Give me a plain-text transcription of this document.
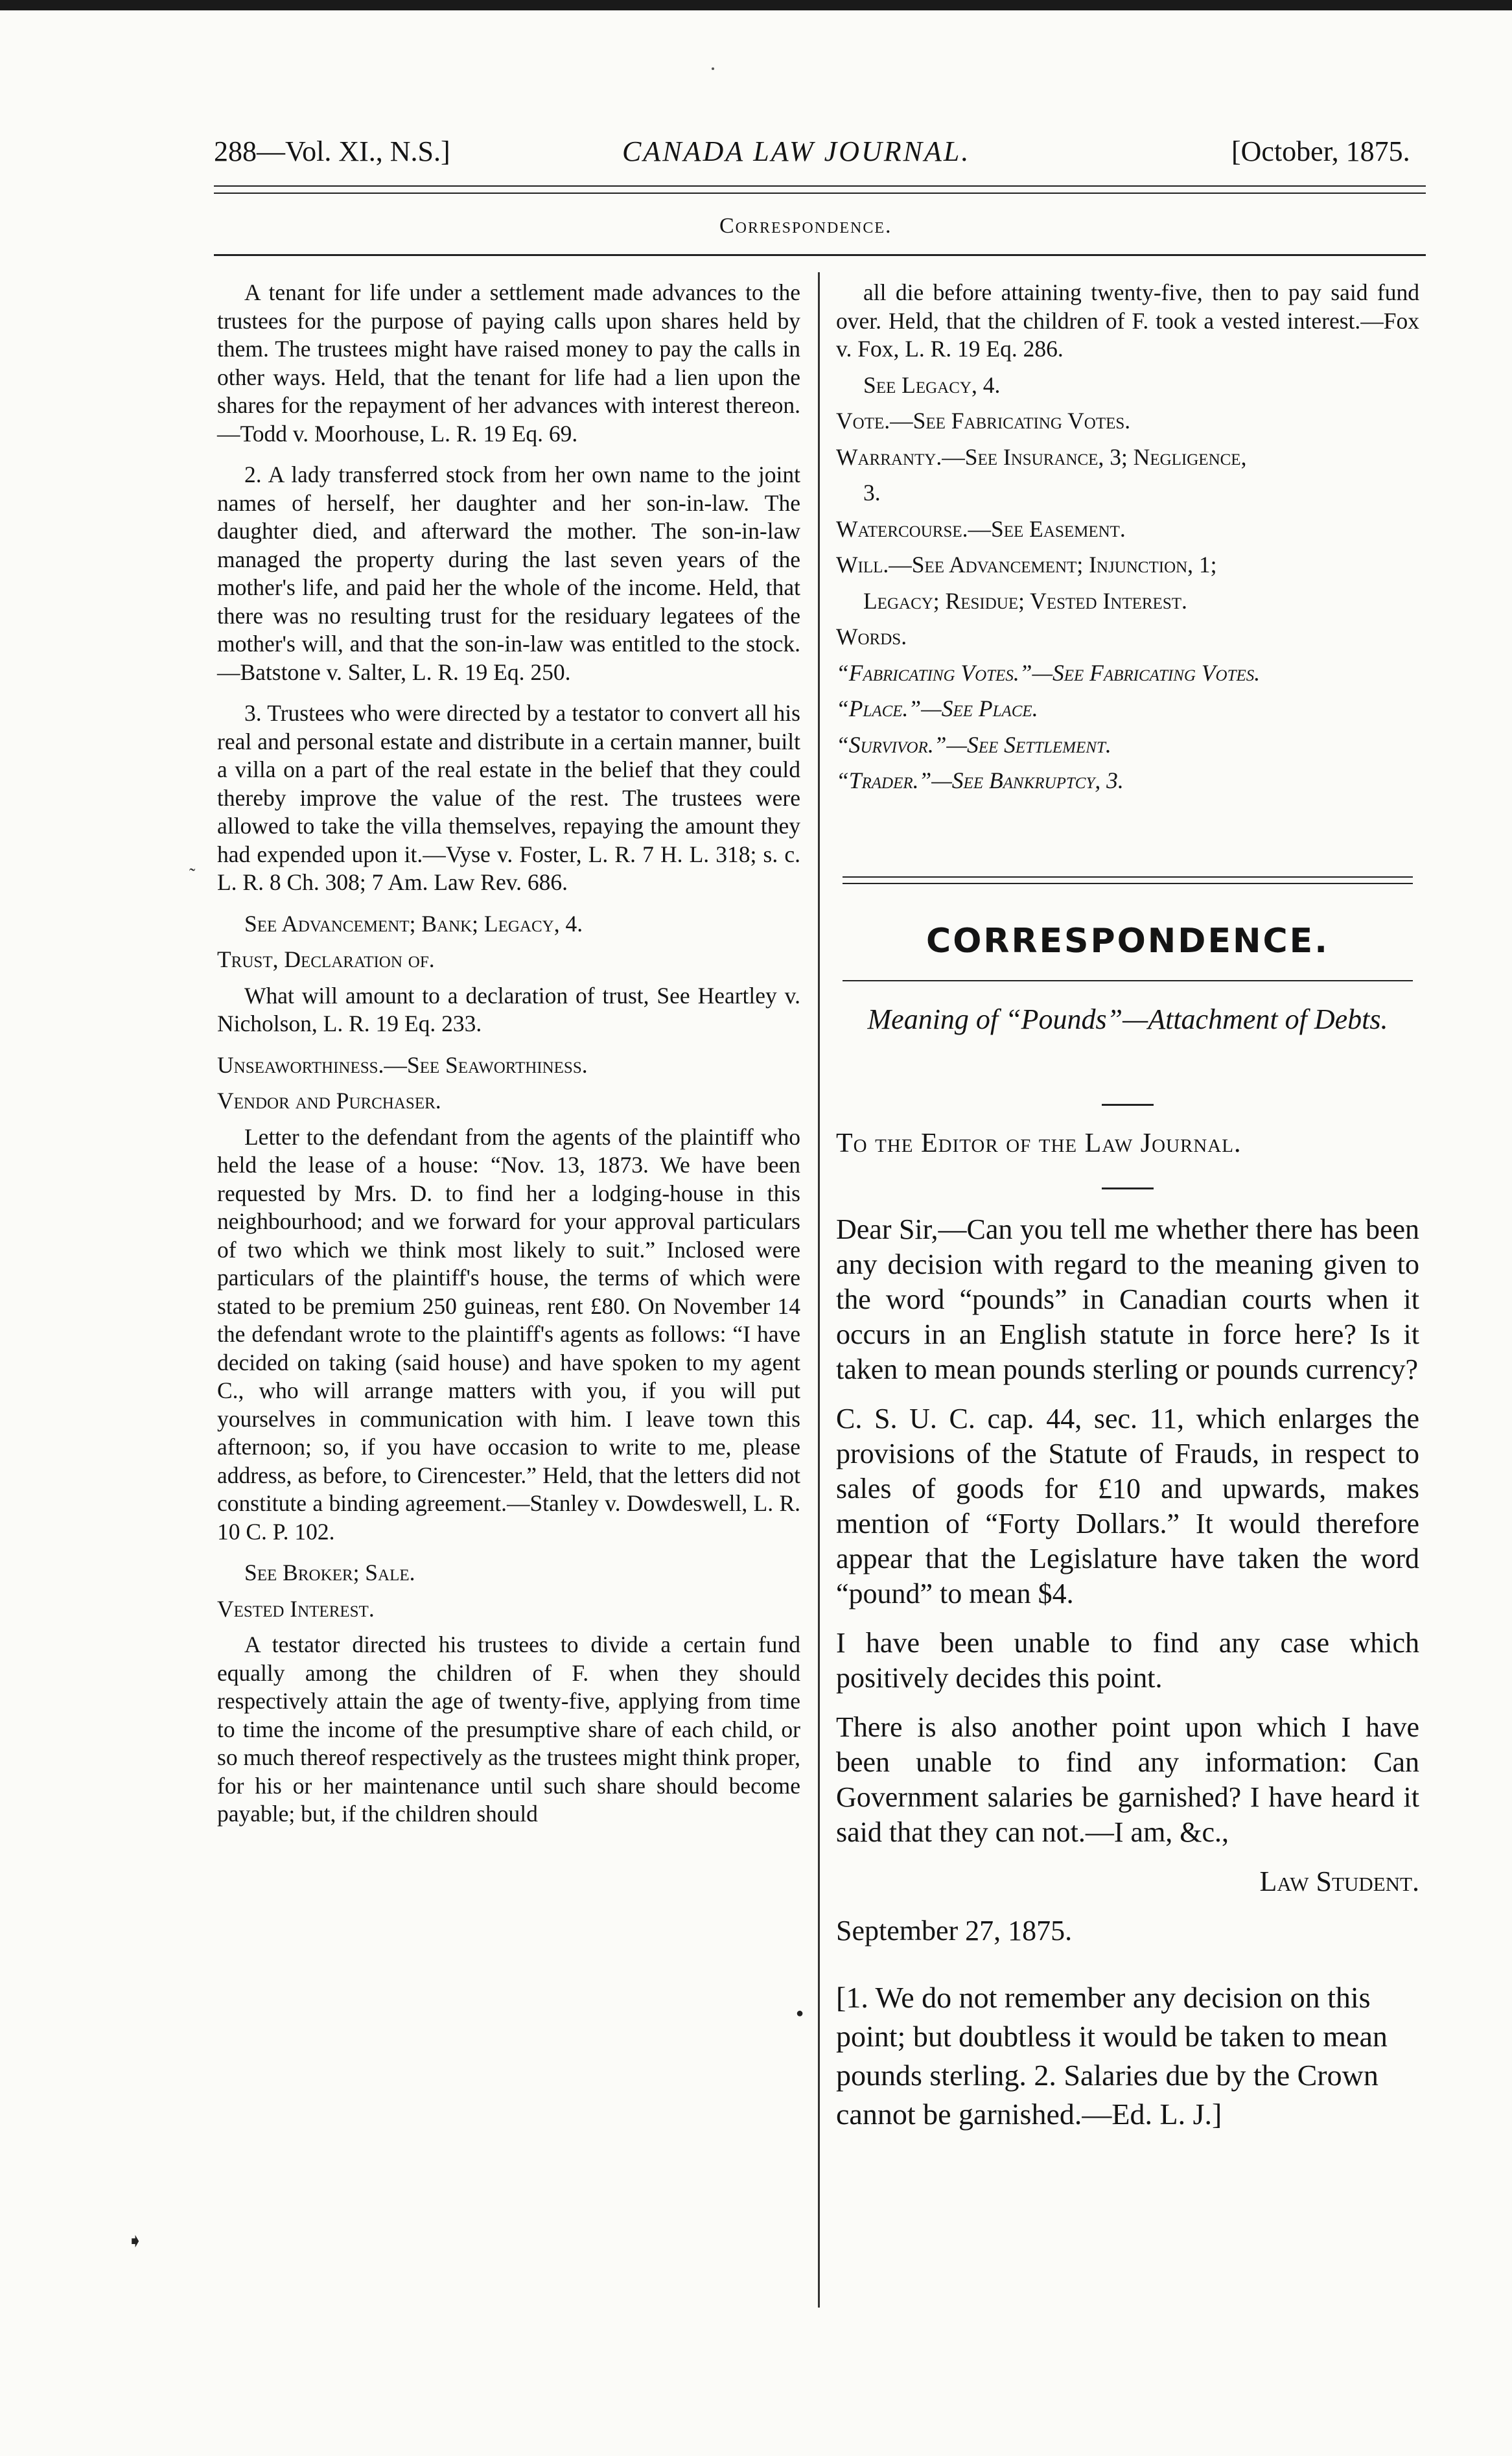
288—Vol. XI., N.S.]	CANADA LAW JOURNAL.	[October, 1875.
Correspondence.

A tenant for life under a settlement made advances to the trustees for the purpose of paying calls upon shares held by them. The trustees might have raised money to pay the calls in other ways. Held, that the tenant for life had a lien upon the shares for the repayment of her advances with interest thereon.—Todd v. Moorhouse, L. R. 19 Eq. 69.

2. A lady transferred stock from her own name to the joint names of herself, her daughter and her son-in-law. The daughter died, and afterward the mother. The son-in-law managed the property during the last seven years of the mother's life, and paid her the whole of the income. Held, that there was no resulting trust for the residuary legatees of the mother's will, and that the son-in-law was entitled to the stock.—Batstone v. Salter, L. R. 19 Eq. 250.

3. Trustees who were directed by a testator to convert all his real and personal estate and distribute in a certain manner, built a villa on a part of the real estate in the belief that they could thereby improve the value of the rest. The trustees were allowed to take the villa themselves, repaying the amount they had expended upon it.—Vyse v. Foster, L. R. 7 H. L. 318; s. c. L. R. 8 Ch. 308; 7 Am. Law Rev. 686.

See Advancement; Bank; Legacy, 4.

Trust, Declaration of.

What will amount to a declaration of trust, See Heartley v. Nicholson, L. R. 19 Eq. 233.

Unseaworthiness.—See Seaworthiness.

Vendor and Purchaser.

Letter to the defendant from the agents of the plaintiff who held the lease of a house: “Nov. 13, 1873. We have been requested by Mrs. D. to find her a lodging-house in this neighbourhood; and we forward for your approval particulars of two which we think most likely to suit.” Inclosed were particulars of the plaintiff's house, the terms of which were stated to be premium 250 guineas, rent £80. On November 14 the defendant wrote to the plaintiff's agents as follows: “I have decided on taking (said house) and have spoken to my agent C., who will arrange matters with you, if you will put yourselves in communication with him. I leave town this afternoon; so, if you have occasion to write to me, please address, as before, to Cirencester.” Held, that the letters did not constitute a binding agreement.—Stanley v. Dowdeswell, L. R. 10 C. P. 102.

See Broker; Sale.

Vested Interest.

A testator directed his trustees to divide a certain fund equally among the children of F. when they should respectively attain the age of twenty-five, applying from time to time the income of the presumptive share of each child, or so much thereof respectively as the trustees might think proper, for his or her maintenance until such share should become payable; but, if the children should

all die before attaining twenty-five, then to pay said fund over. Held, that the children of F. took a vested interest.—Fox v. Fox, L. R. 19 Eq. 286.

See Legacy, 4.

Vote.—See Fabricating Votes.

Warranty.—See Insurance, 3; Negligence,

3.

Watercourse.—See Easement.

Will.—See Advancement; Injunction, 1;

Legacy; Residue; Vested Interest.

Words.

“Fabricating Votes.”—See Fabricating Votes.

“Place.”—See Place.

“Survivor.”—See Settlement.

“Trader.”—See Bankruptcy, 3.

CORRESPONDENCE.
Meaning of “Pounds”—Attachment of Debts.
To the Editor of the Law Journal.

Dear Sir,—Can you tell me whether there has been any decision with regard to the meaning given to the word “pounds” in Canadian courts when it occurs in an English statute in force here? Is it taken to mean pounds sterling or pounds currency?

C. S. U. C. cap. 44, sec. 11, which enlarges the provisions of the Statute of Frauds, in respect to sales of goods for £10 and upwards, makes mention of “Forty Dollars.” It would therefore appear that the Legislature have taken the word “pound” to mean $4.

I have been unable to find any case which positively decides this point.

There is also another point upon which I have been unable to find any information: Can Government salaries be garnished? I have heard it said that they can not.—I am, &c.,

Law Student.

September 27, 1875.

[1. We do not remember any decision on this point; but doubtless it would be taken to mean pounds sterling. 2. Salaries due by the Crown cannot be garnished.—Ed. L. J.]

˜
●
➧
